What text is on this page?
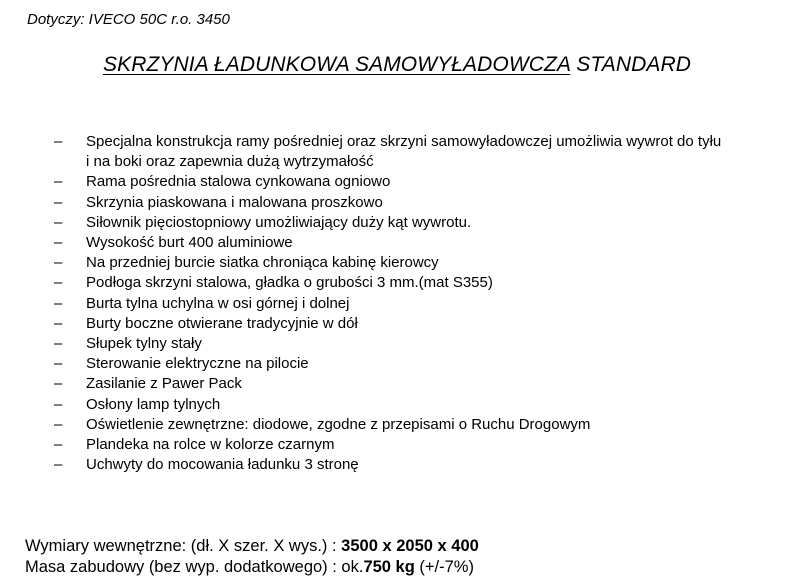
Dotyczy: IVECO 50C r.o. 3450
SKRZYNIA ŁADUNKOWA SAMOWYŁADOWCZA STANDARD
– Specjalna konstrukcja ramy pośredniej oraz skrzyni samowyładowczej umożliwia wywrot do tyłu
i na boki oraz zapewnia dużą wytrzymałość
– Rama pośrednia stalowa cynkowana ogniowo
– Skrzynia piaskowana i malowana proszkowo
– Siłownik pięciostopniowy umożliwiający duży kąt wywrotu.
– Wysokość burt 400 aluminiowe
– Na przedniej burcie siatka chroniąca kabinę kierowcy
– Podłoga skrzyni stalowa, gładka o grubości 3 mm.(mat S355)
– Burta tylna uchylna w osi górnej i dolnej
– Burty boczne otwierane tradycyjnie w dół
– Słupek tylny stały
– Sterowanie elektryczne na pilocie
– Zasilanie z Pawer Pack
– Osłony lamp tylnych
– Oświetlenie zewnętrzne: diodowe, zgodne z przepisami o Ruchu Drogowym
– Plandeka na rolce w kolorze czarnym
– Uchwyty do mocowania ładunku 3 stronę
Wymiary wewnętrzne: (dł. X szer. X wys.) : 3500 x 2050 x 400
Masa zabudowy (bez wyp. dodatkowego) : ok.750 kg (+/-7%)
